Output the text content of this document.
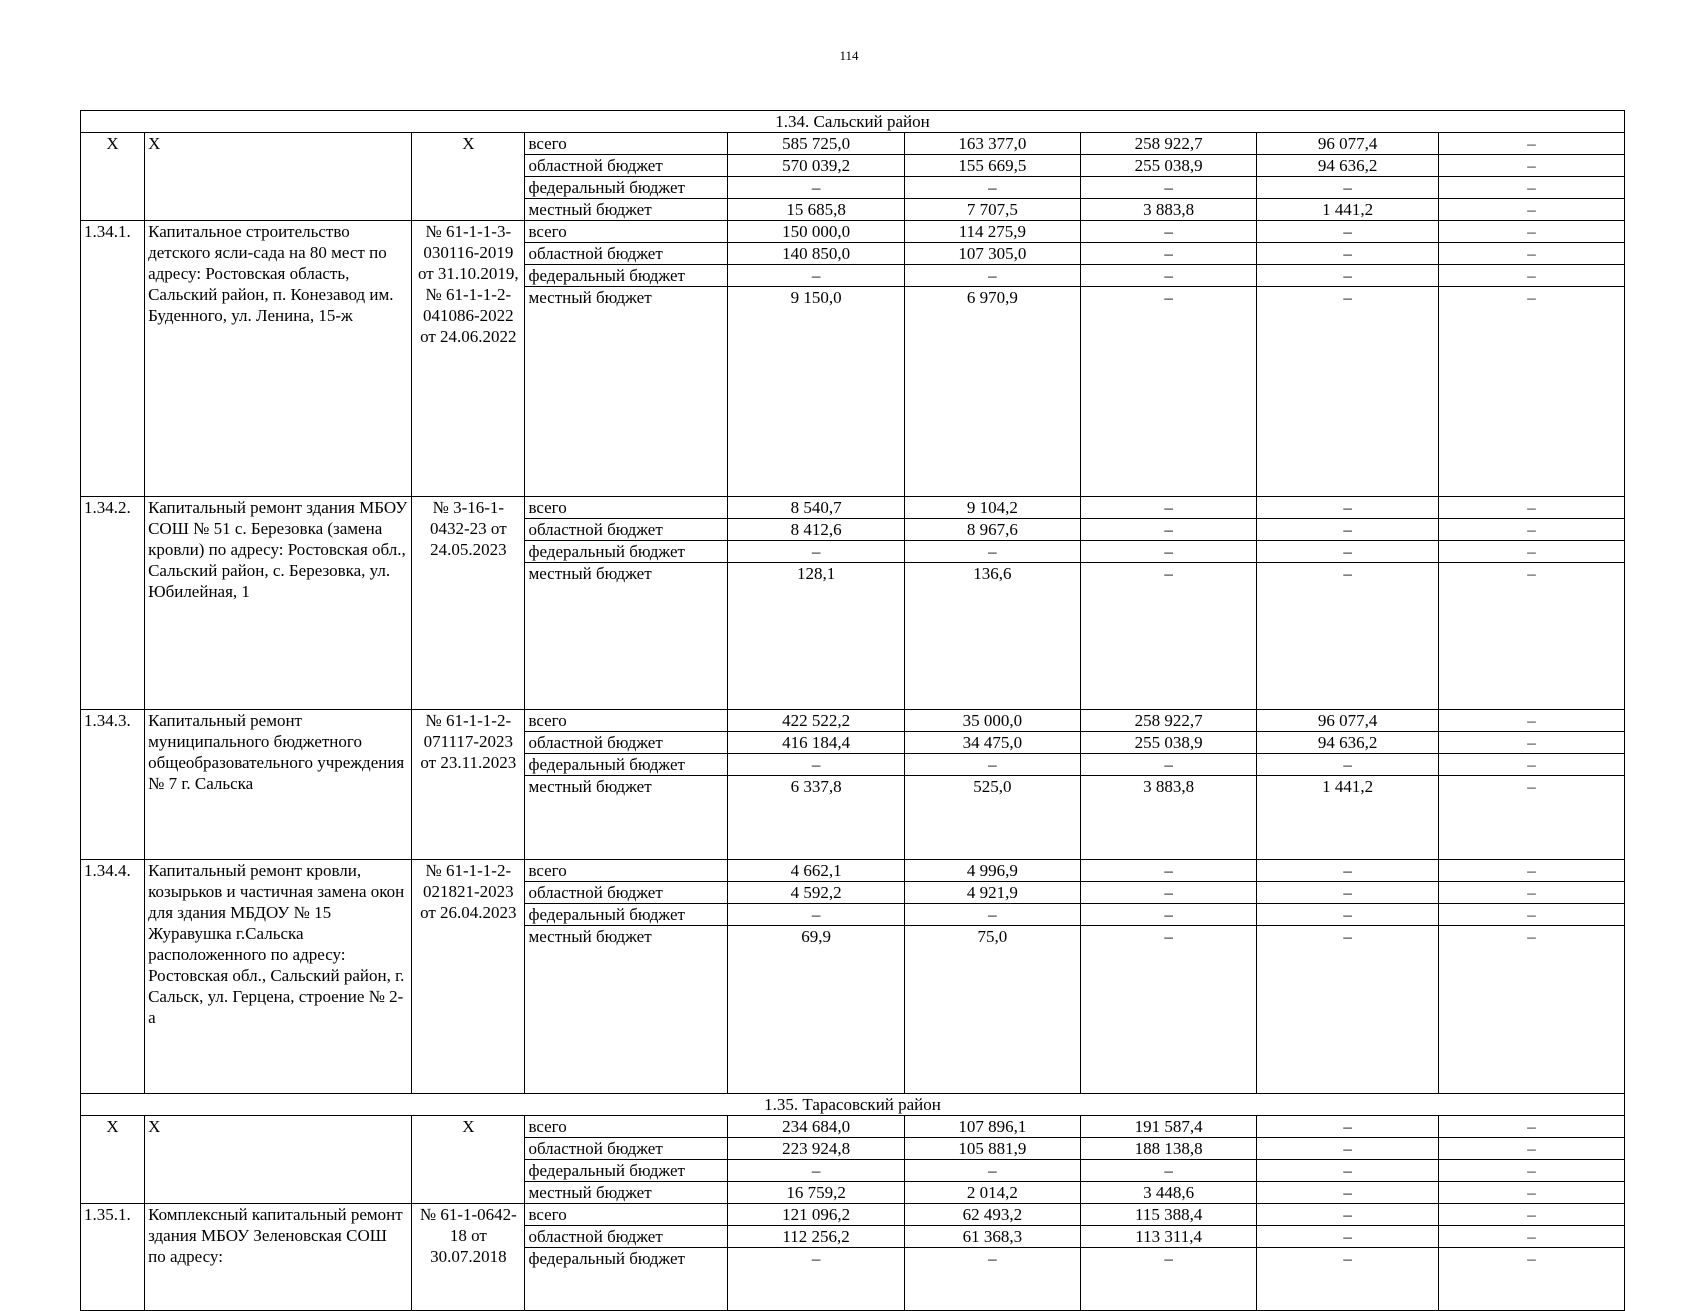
114
1.34. Сальский район								
X	X	X	всего	585 725,0	163 377,0	258 922,7	96 077,4	–
			областной бюджет	570 039,2	155 669,5	255 038,9	94 636,2	–
			федеральный бюджет	–	–	–	–	–
			местный бюджет	15 685,8	7 707,5	3 883,8	1 441,2	–
1.34.1.	Капитальное строительство детского ясли-сада на 80 мест по адресу: Ростовская область, Сальский район, п. Конезавод им. Буденного, ул. Ленина, 15-ж	№ 61-1-1-3-030116-2019 от 31.10.2019, № 61-1-1-2-041086-2022 от 24.06.2022	всего	150 000,0	114 275,9	–	–	–
			областной бюджет	140 850,0	107 305,0	–	–	–
			федеральный бюджет	–	–	–	–	–
			местный бюджет	9 150,0	6 970,9	–	–	–
1.34.2.	Капитальный ремонт здания МБОУ СОШ № 51 с. Березовка (замена кровли) по адресу: Ростовская обл., Сальский район, с. Березовка, ул. Юбилейная, 1	№ 3-16-1-0432-23 от 24.05.2023	всего	8 540,7	9 104,2	–	–	–
			областной бюджет	8 412,6	8 967,6	–	–	–
			федеральный бюджет	–	–	–	–	–
			местный бюджет	128,1	136,6	–	–	–
1.34.3.	Капитальный ремонт муниципального бюджетного общеобразовательного учреждения № 7 г. Сальска	№ 61-1-1-2-071117-2023 от 23.11.2023	всего	422 522,2	35 000,0	258 922,7	96 077,4	–
			областной бюджет	416 184,4	34 475,0	255 038,9	94 636,2	–
			федеральный бюджет	–	–	–	–	–
			местный бюджет	6 337,8	525,0	3 883,8	1 441,2	–
1.34.4.	Капитальный ремонт кровли, козырьков и частичная замена окон для здания МБДОУ № 15 Журавушка г.Сальска расположенного по адресу: Ростовская обл., Сальский район, г. Сальск, ул. Герцена, строение № 2-а	№ 61-1-1-2-021821-2023 от 26.04.2023	всего	4 662,1	4 996,9	–	–	–
			областной бюджет	4 592,2	4 921,9	–	–	–
			федеральный бюджет	–	–	–	–	–
			местный бюджет	69,9	75,0	–	–	–
1.35. Тарасовский район								
X	X	X	всего	234 684,0	107 896,1	191 587,4	–	–
			областной бюджет	223 924,8	105 881,9	188 138,8	–	–
			федеральный бюджет	–	–	–	–	–
			местный бюджет	16 759,2	2 014,2	3 448,6	–	–
1.35.1.	Комплексный капитальный ремонт здания МБОУ Зеленовская СОШ по адресу:	№ 61-1-0642-18 от 30.07.2018	всего	121 096,2	62 493,2	115 388,4	–	–
			областной бюджет	112 256,2	61 368,3	113 311,4	–	–
			федеральный бюджет	–	–	–	–	–
